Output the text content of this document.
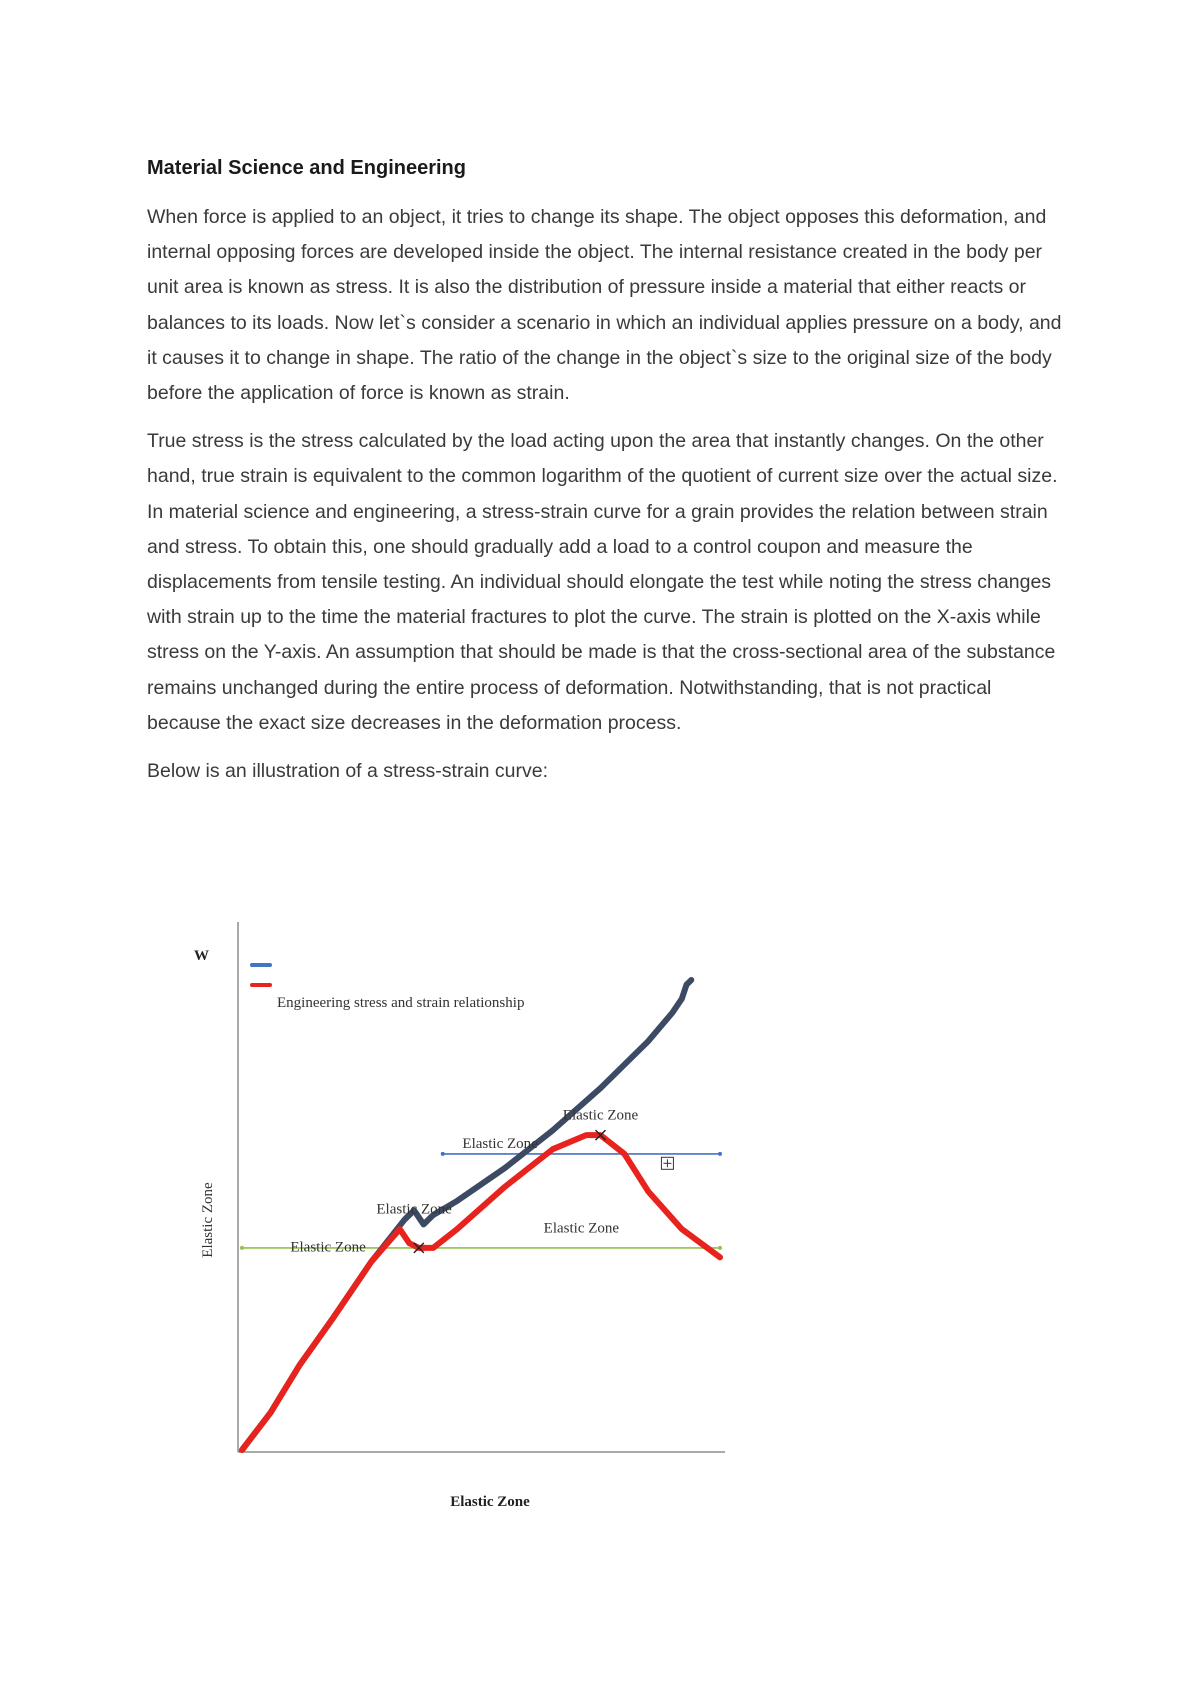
Material Science and Engineering

When force is applied to an object, it tries to change its shape. The object opposes this deformation, and internal opposing forces are developed inside the object. The internal resistance created in the body per unit area is known as stress. It is also the distribution of pressure inside a material that either reacts or balances to its loads. Now let`s consider a scenario in which an individual applies pressure on a body, and it causes it to change in shape. The ratio of the change in the object`s size to the original size of the body before the application of force is known as strain.

True stress is the stress calculated by the load acting upon the area that instantly changes. On the other hand, true strain is equivalent to the common logarithm of the quotient of current size over the actual size. In material science and engineering, a stress-strain curve for a grain provides the relation between strain and stress. To obtain this, one should gradually add a load to a control coupon and measure the displacements from tensile testing. An individual should elongate the test while noting the stress changes with strain up to the time the material fractures to plot the curve. The strain is plotted on the X-axis while stress on the Y-axis. An assumption that should be made is that the cross-sectional area of the substance remains unchanged during the entire process of deformation. Notwithstanding, that is not practical because the exact size decreases in the deformation process.

Below is an illustration of a stress-strain curve:

Elastic Zone
Elastic Zone
Elastic Zone
Elastic Zone
Elastic Zone
W
Engineering stress and strain relationship
Elastic Zone
Elastic Zone
